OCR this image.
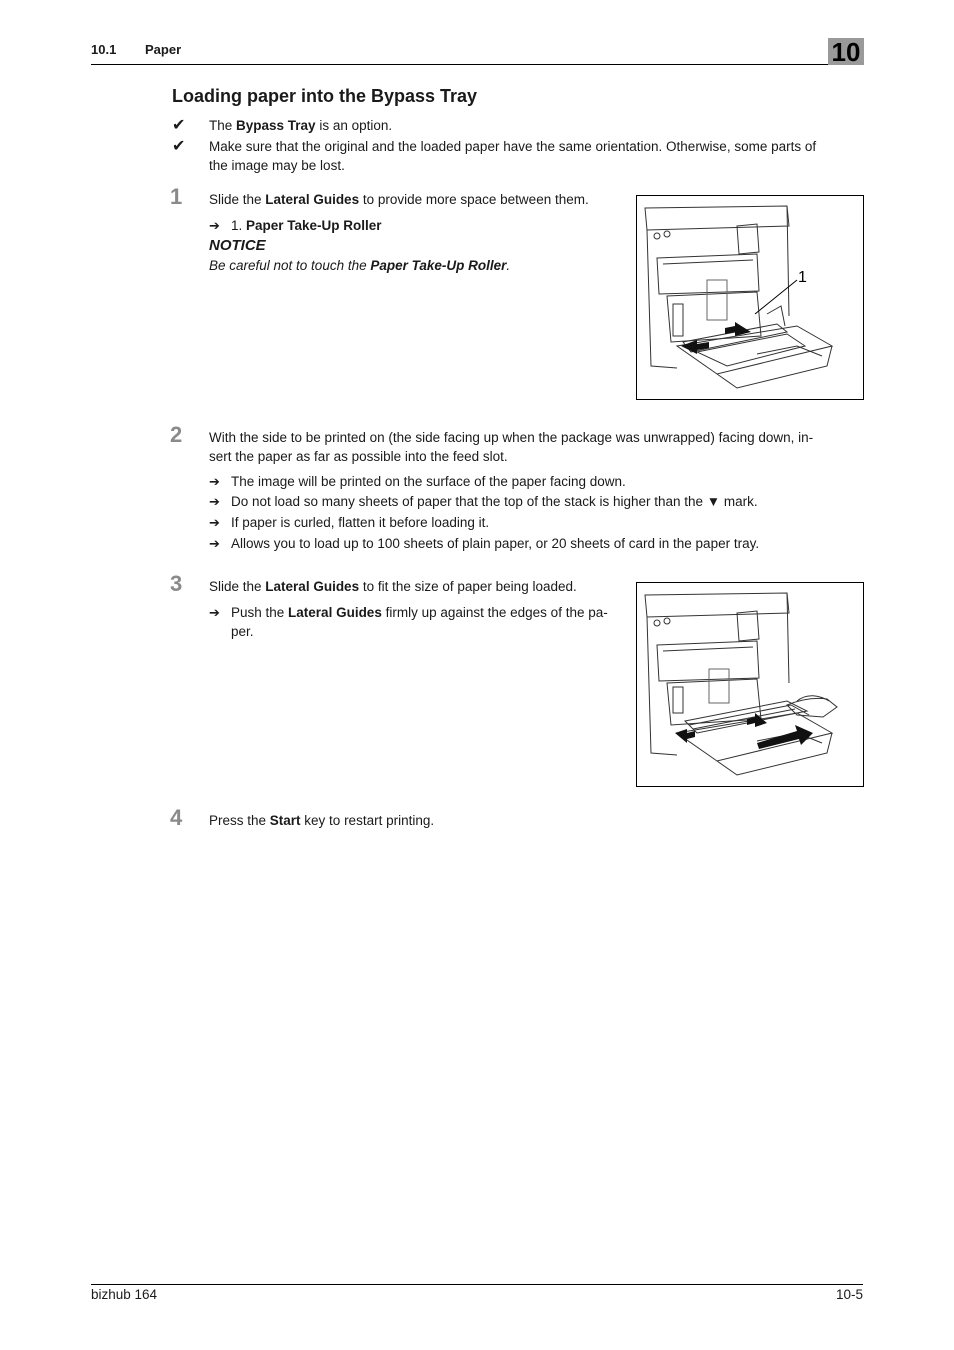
10.1 Paper	10
Loading paper into the Bypass Tray
✔ The Bypass Tray is an option.
✔ Make sure that the original and the loaded paper have the same orientation. Otherwise, some parts of
the image may be lost.
1 Slide the Lateral Guides to provide more space between them.
➔ 1. Paper Take-Up Roller
NOTICE
Be careful not to touch the Paper Take-Up Roller.
1
2 With the side to be printed on (the side facing up when the package was unwrapped) facing down, in-
sert the paper as far as possible into the feed slot.
➔ The image will be printed on the surface of the paper facing down.
➔ Do not load so many sheets of paper that the top of the stack is higher than the ▼ mark.
➔ If paper is curled, flatten it before loading it.
➔ Allows you to load up to 100 sheets of plain paper, or 20 sheets of card in the paper tray.
3 Slide the Lateral Guides to fit the size of paper being loaded.
➔ Push the Lateral Guides firmly up against the edges of the pa-
per.
4 Press the Start key to restart printing.
bizhub 164	10-5
